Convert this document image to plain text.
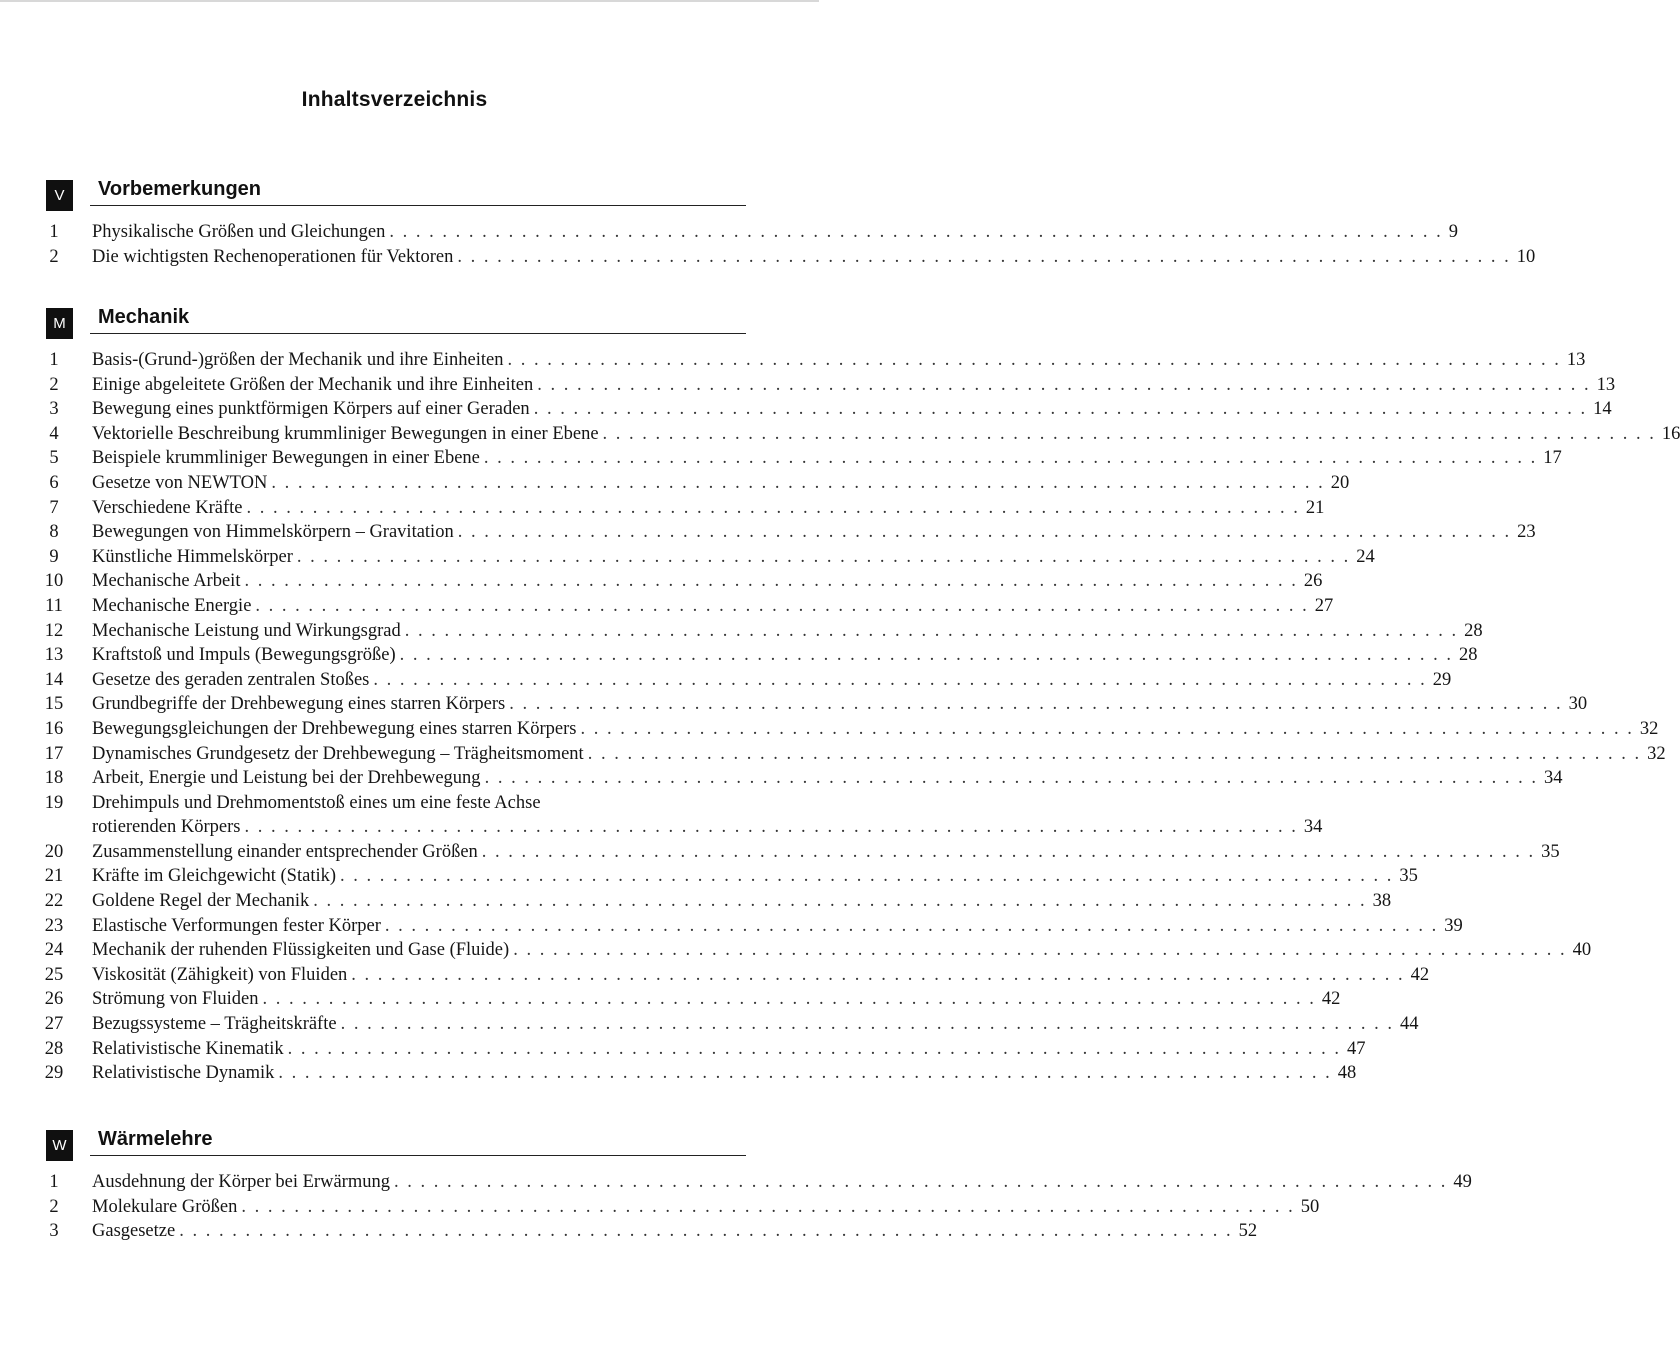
Inhaltsverzeichnis
V	Vorbemerkungen
1	Physikalische Größen und Gleichungen . . . . . . . . . . . . . . . . . . . . . . . . . . . . . . . . . . . . . . . . . . . . . . . . . . . . . . . . . . . . . . . . . . . . . . . . . . . . . . . . 9
2	Die wichtigsten Rechenoperationen für Vektoren . . . . . . . . . . . . . . . . . . . . . . . . . . . . . . . . . . . . . . . . . . . . . . . . . . . . . . . . . . . . . . . . . . . . . . . . . . . . . . . . 10
M	Mechanik
1	Basis-(Grund-)größen der Mechanik und ihre Einheiten . . . . . . . . . . . . . . . . . . . . . . . . . . . . . . . . . . . . . . . . . . . . . . . . . . . . . . . . . . . . . . . . . . . . . . . . . . . . . . . . 13
2	Einige abgeleitete Größen der Mechanik und ihre Einheiten . . . . . . . . . . . . . . . . . . . . . . . . . . . . . . . . . . . . . . . . . . . . . . . . . . . . . . . . . . . . . . . . . . . . . . . . . . . . . . . . 13
3	Bewegung eines punktförmigen Körpers auf einer Geraden . . . . . . . . . . . . . . . . . . . . . . . . . . . . . . . . . . . . . . . . . . . . . . . . . . . . . . . . . . . . . . . . . . . . . . . . . . . . . . . . 14
4	Vektorielle Beschreibung krummliniger Bewegungen in einer Ebene . . . . . . . . . . . . . . . . . . . . . . . . . . . . . . . . . . . . . . . . . . . . . . . . . . . . . . . . . . . . . . . . . . . . . . . . . . . . . . . . 16
5	Beispiele krummliniger Bewegungen in einer Ebene . . . . . . . . . . . . . . . . . . . . . . . . . . . . . . . . . . . . . . . . . . . . . . . . . . . . . . . . . . . . . . . . . . . . . . . . . . . . . . . . 17
6	Gesetze von NEWTON . . . . . . . . . . . . . . . . . . . . . . . . . . . . . . . . . . . . . . . . . . . . . . . . . . . . . . . . . . . . . . . . . . . . . . . . . . . . . . . . 20
7	Verschiedene Kräfte . . . . . . . . . . . . . . . . . . . . . . . . . . . . . . . . . . . . . . . . . . . . . . . . . . . . . . . . . . . . . . . . . . . . . . . . . . . . . . . . 21
8	Bewegungen von Himmelskörpern – Gravitation . . . . . . . . . . . . . . . . . . . . . . . . . . . . . . . . . . . . . . . . . . . . . . . . . . . . . . . . . . . . . . . . . . . . . . . . . . . . . . . . 23
9	Künstliche Himmelskörper . . . . . . . . . . . . . . . . . . . . . . . . . . . . . . . . . . . . . . . . . . . . . . . . . . . . . . . . . . . . . . . . . . . . . . . . . . . . . . . . 24
10 Mechanische Arbeit . . . . . . . . . . . . . . . . . . . . . . . . . . . . . . . . . . . . . . . . . . . . . . . . . . . . . . . . . . . . . . . . . . . . . . . . . . . . . . . . 26
11 Mechanische Energie . . . . . . . . . . . . . . . . . . . . . . . . . . . . . . . . . . . . . . . . . . . . . . . . . . . . . . . . . . . . . . . . . . . . . . . . . . . . . . . . 27
12 Mechanische Leistung und Wirkungsgrad . . . . . . . . . . . . . . . . . . . . . . . . . . . . . . . . . . . . . . . . . . . . . . . . . . . . . . . . . . . . . . . . . . . . . . . . . . . . . . . . 28
13 Kraftstoß und Impuls (Bewegungsgröße) . . . . . . . . . . . . . . . . . . . . . . . . . . . . . . . . . . . . . . . . . . . . . . . . . . . . . . . . . . . . . . . . . . . . . . . . . . . . . . . . 28
14 Gesetze des geraden zentralen Stoßes . . . . . . . . . . . . . . . . . . . . . . . . . . . . . . . . . . . . . . . . . . . . . . . . . . . . . . . . . . . . . . . . . . . . . . . . . . . . . . . . 29
15 Grundbegriffe der Drehbewegung eines starren Körpers . . . . . . . . . . . . . . . . . . . . . . . . . . . . . . . . . . . . . . . . . . . . . . . . . . . . . . . . . . . . . . . . . . . . . . . . . . . . . . . . 30
16 Bewegungsgleichungen der Drehbewegung eines starren Körpers . . . . . . . . . . . . . . . . . . . . . . . . . . . . . . . . . . . . . . . . . . . . . . . . . . . . . . . . . . . . . . . . . . . . . . . . . . . . . . . . 32
17 Dynamisches Grundgesetz der Drehbewegung – Trägheitsmoment . . . . . . . . . . . . . . . . . . . . . . . . . . . . . . . . . . . . . . . . . . . . . . . . . . . . . . . . . . . . . . . . . . . . . . . . . . . . . . . . 32
18 Arbeit, Energie und Leistung bei der Drehbewegung . . . . . . . . . . . . . . . . . . . . . . . . . . . . . . . . . . . . . . . . . . . . . . . . . . . . . . . . . . . . . . . . . . . . . . . . . . . . . . . . 34
19 Drehimpuls und Drehmomentstoß eines um eine feste Achse
rotierenden Körpers . . . . . . . . . . . . . . . . . . . . . . . . . . . . . . . . . . . . . . . . . . . . . . . . . . . . . . . . . . . . . . . . . . . . . . . . . . . . . . . . 34
20 Zusammenstellung einander entsprechender Größen . . . . . . . . . . . . . . . . . . . . . . . . . . . . . . . . . . . . . . . . . . . . . . . . . . . . . . . . . . . . . . . . . . . . . . . . . . . . . . . . 35
21 Kräfte im Gleichgewicht (Statik) . . . . . . . . . . . . . . . . . . . . . . . . . . . . . . . . . . . . . . . . . . . . . . . . . . . . . . . . . . . . . . . . . . . . . . . . . . . . . . . . 35
22 Goldene Regel der Mechanik . . . . . . . . . . . . . . . . . . . . . . . . . . . . . . . . . . . . . . . . . . . . . . . . . . . . . . . . . . . . . . . . . . . . . . . . . . . . . . . . 38
23 Elastische Verformungen fester Körper . . . . . . . . . . . . . . . . . . . . . . . . . . . . . . . . . . . . . . . . . . . . . . . . . . . . . . . . . . . . . . . . . . . . . . . . . . . . . . . . 39
24 Mechanik der ruhenden Flüssigkeiten und Gase (Fluide) . . . . . . . . . . . . . . . . . . . . . . . . . . . . . . . . . . . . . . . . . . . . . . . . . . . . . . . . . . . . . . . . . . . . . . . . . . . . . . . . 40
25 Viskosität (Zähigkeit) von Fluiden . . . . . . . . . . . . . . . . . . . . . . . . . . . . . . . . . . . . . . . . . . . . . . . . . . . . . . . . . . . . . . . . . . . . . . . . . . . . . . . . 42
26 Strömung von Fluiden . . . . . . . . . . . . . . . . . . . . . . . . . . . . . . . . . . . . . . . . . . . . . . . . . . . . . . . . . . . . . . . . . . . . . . . . . . . . . . . . 42
27 Bezugssysteme – Trägheitskräfte . . . . . . . . . . . . . . . . . . . . . . . . . . . . . . . . . . . . . . . . . . . . . . . . . . . . . . . . . . . . . . . . . . . . . . . . . . . . . . . . 44
28 Relativistische Kinematik . . . . . . . . . . . . . . . . . . . . . . . . . . . . . . . . . . . . . . . . . . . . . . . . . . . . . . . . . . . . . . . . . . . . . . . . . . . . . . . . 47
29 Relativistische Dynamik . . . . . . . . . . . . . . . . . . . . . . . . . . . . . . . . . . . . . . . . . . . . . . . . . . . . . . . . . . . . . . . . . . . . . . . . . . . . . . . . 48
W	Wärmelehre
1	Ausdehnung der Körper bei Erwärmung . . . . . . . . . . . . . . . . . . . . . . . . . . . . . . . . . . . . . . . . . . . . . . . . . . . . . . . . . . . . . . . . . . . . . . . . . . . . . . . . 49
2	Molekulare Größen . . . . . . . . . . . . . . . . . . . . . . . . . . . . . . . . . . . . . . . . . . . . . . . . . . . . . . . . . . . . . . . . . . . . . . . . . . . . . . . . 50
3	Gasgesetze . . . . . . . . . . . . . . . . . . . . . . . . . . . . . . . . . . . . . . . . . . . . . . . . . . . . . . . . . . . . . . . . . . . . . . . . . . . . . . . . 52
